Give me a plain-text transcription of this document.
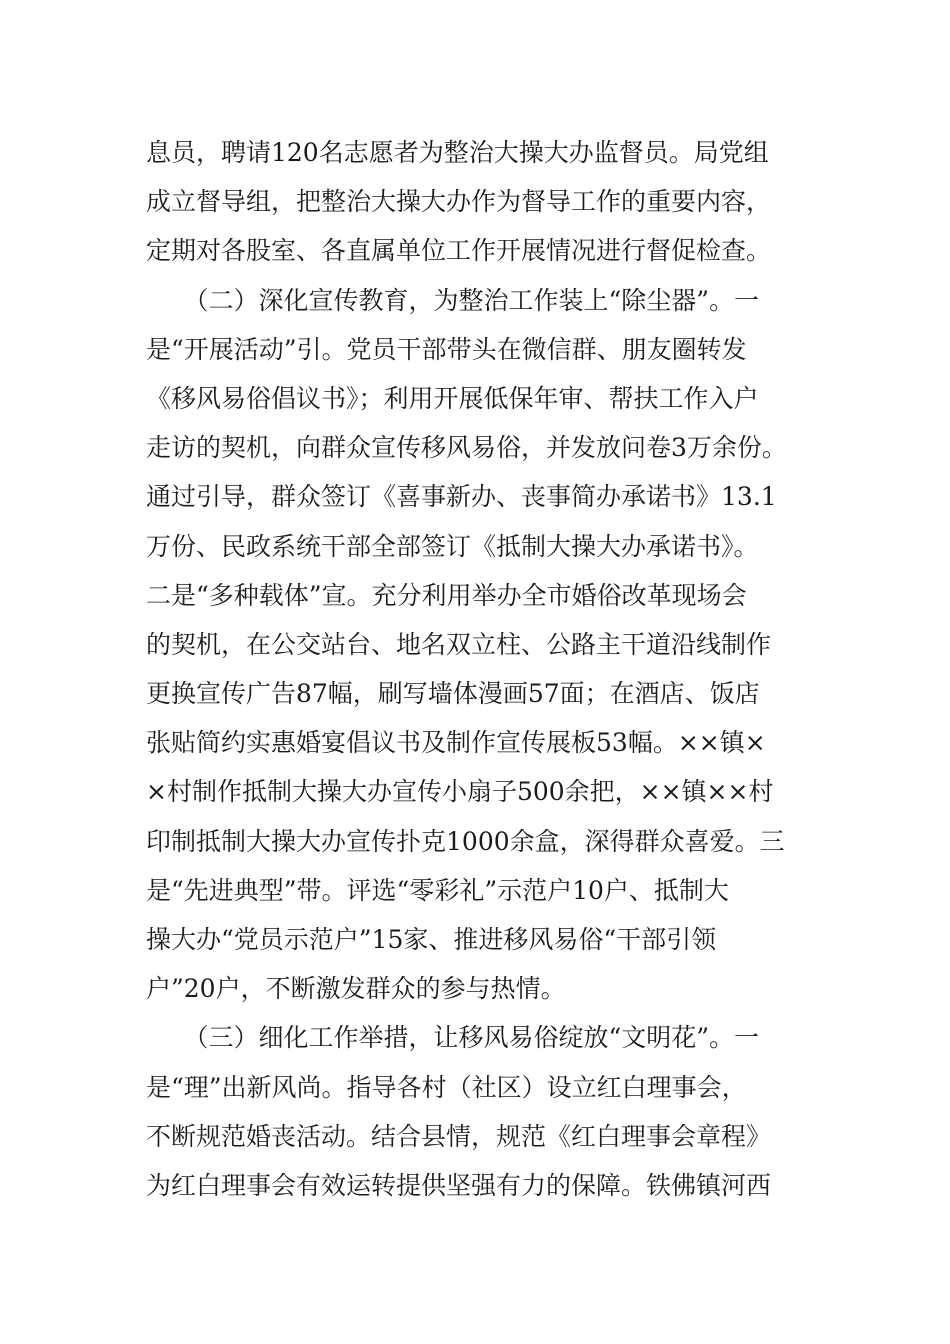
息员，聘请120名志愿者为整治大操大办监督员。局党组
成立督导组，把整治大操大办作为督导工作的重要内容，
定期对各股室、各直属单位工作开展情况进行督促检查。
　　（二）深化宣传教育，为整治工作装上“除尘器”。一
是“开展活动”引。党员干部带头在微信群、朋友圈转发
《移风易俗倡议书》；利用开展低保年审、帮扶工作入户
走访的契机，向群众宣传移风易俗，并发放问卷3万余份。
通过引导，群众签订《喜事新办、丧事简办承诺书》13.1
万份、民政系统干部全部签订《抵制大操大办承诺书》。
二是“多种载体”宣。充分利用举办全市婚俗改革现场会
的契机，在公交站台、地名双立柱、公路主干道沿线制作
更换宣传广告87幅，刷写墙体漫画57面；在酒店、饭店
张贴简约实惠婚宴倡议书及制作宣传展板53幅。××镇×
×村制作抵制大操大办宣传小扇子500余把，××镇××村
印制抵制大操大办宣传扑克1000余盒，深得群众喜爱。三
是“先进典型”带。评选“零彩礼”示范户10户、抵制大
操大办“党员示范户”15家、推进移风易俗“干部引领
户”20户，不断激发群众的参与热情。
　　（三）细化工作举措，让移风易俗绽放“文明花”。一
是“理”出新风尚。指导各村（社区）设立红白理事会，
不断规范婚丧活动。结合县情，规范《红白理事会章程》
为红白理事会有效运转提供坚强有力的保障。铁佛镇河西
